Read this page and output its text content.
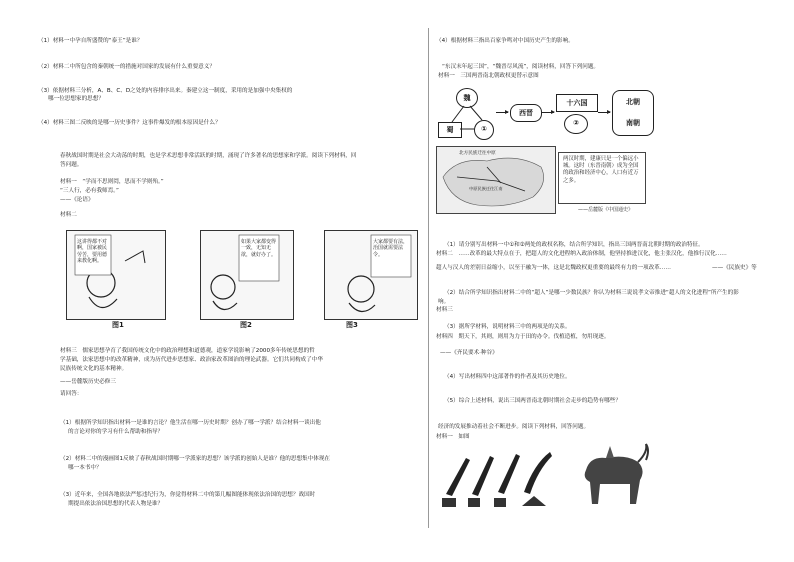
（1）材料一中孕自所盛赞的“泰王”是谁？
（2）材料二中所包含的秦朝统一的措施对国家的发展有什么重要意义？
（3）依据材料三分析，A、B、C、D之处的内容排序出来。秦建立这一制度，采用的是加强中央集权的
哪一位思想家的思想？
（4）材料三图二反映的是哪一历史事件？这事件爆发的根本原因是什么？
春秋战国时期是社会大动荡的时期，也是学术思想非常活跃的时期，涌现了许多著名的思想家和学派。阅读下列材料，回
答问题。
材料一　“学而不思则罔，思而不学则殆。”
“三人行，必有我师焉。”
——《论语》
材料二
这讲得都不对啊，国家被民劳苦，要用德来教化啊。
如果大家都变得一致，无知无欲，就好办了。
大家都要有法，治国就需要法令。
图1	图2	图3
材料三　儒家思想孕育了我国传统文化中的政治理想和道德观，道家学说影响了2000多年传统思想的哲
学基础，法家思想中的改革精神，成为历代进步思想家、政治家改革图治的理论武器。它们共同构成了中华
民族传统文化的基本精神。
——岳麓版历史必修三
请回答：
（1）根据所学知识指出材料一是谁的言论？他生活在哪一历史时期？创办了哪一学派？结合材料一谈出他
的言论对你的学习有什么帮助和指导？
（2）材料二中的漫画图1反映了春秋战国时期哪一学派家的思想？该学派的创始人是谁？他的思想集中体现在
哪一本书中？
（3）近年来，全国各地依法严惩违纪行为，你觉得材料二中的第几幅图能体现依法治国的思想？战国时
期提出依法治国思想的代表人物是谁？
（4）根据材料三指出百家争鸣对中国历史产生的影响。
“东汉末年起三国”，“魏晋尽风流”，阅读材料，回答下列问题。
材料一　三国两晋南北朝政权更替示意图
魏
蜀	①
西晋
十六国
②
北朝
南朝
北方民族迁往中原
中原民族迁往江南
两汉时期，建康只是一个偏远小城。这时（东晋南朝）成为全国的政治和经济中心，人口有近万之多。
——岳麓版《中国通史》
（1）请分别写出材料一中①和②两处的政权名称，结合所学知识，指出三国两晋南北朝时期的政治特征。
材料二　……改革的最大特点在于，把超人的文化进程纳入政治体制，他坚持推进汉化，他主张汉化，他推行汉化……
超人与汉人的差别日益缩小，以至于融为一体，这是北魏政权更重要的最终有力的一项改革……	——《民族史》等
（2）结合所学知识指出材料二中的“超人”是哪一少数民族？你认为材料三说说孝文帝推进“超人的文化进程”所产生的影
响。
材料三
（3）据所学材料，说明材料三中的两项是的关系。
材料四　期天下，其则，则用为力于田的办令。伐植造植，勿用现逐。
——《齐民要术·种谷》
（4）写出材料四中这部著作的作者及其历史地位。
（5）综合上述材料，说出三国两晋南北朝时期社会走步的趋势有哪些？
经济的发展推动着社会不断进步。阅读下列材料，回答问题。
材料一　如图
